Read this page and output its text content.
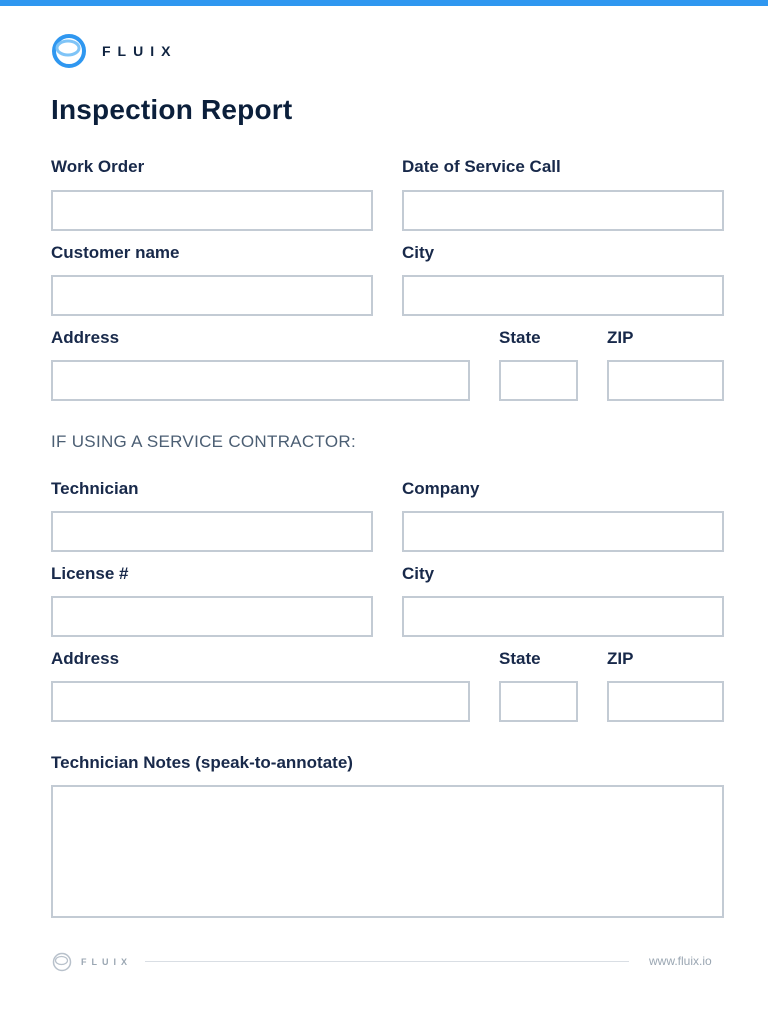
FLUIX
Inspection Report
Work Order	Date of Service Call
Customer name	City
Address	State	ZIP
IF USING A SERVICE CONTRACTOR:
Technician	Company
License #	City
Address	State	ZIP
Technician Notes (speak-to-annotate)
FLUIX	www.fluix.io
